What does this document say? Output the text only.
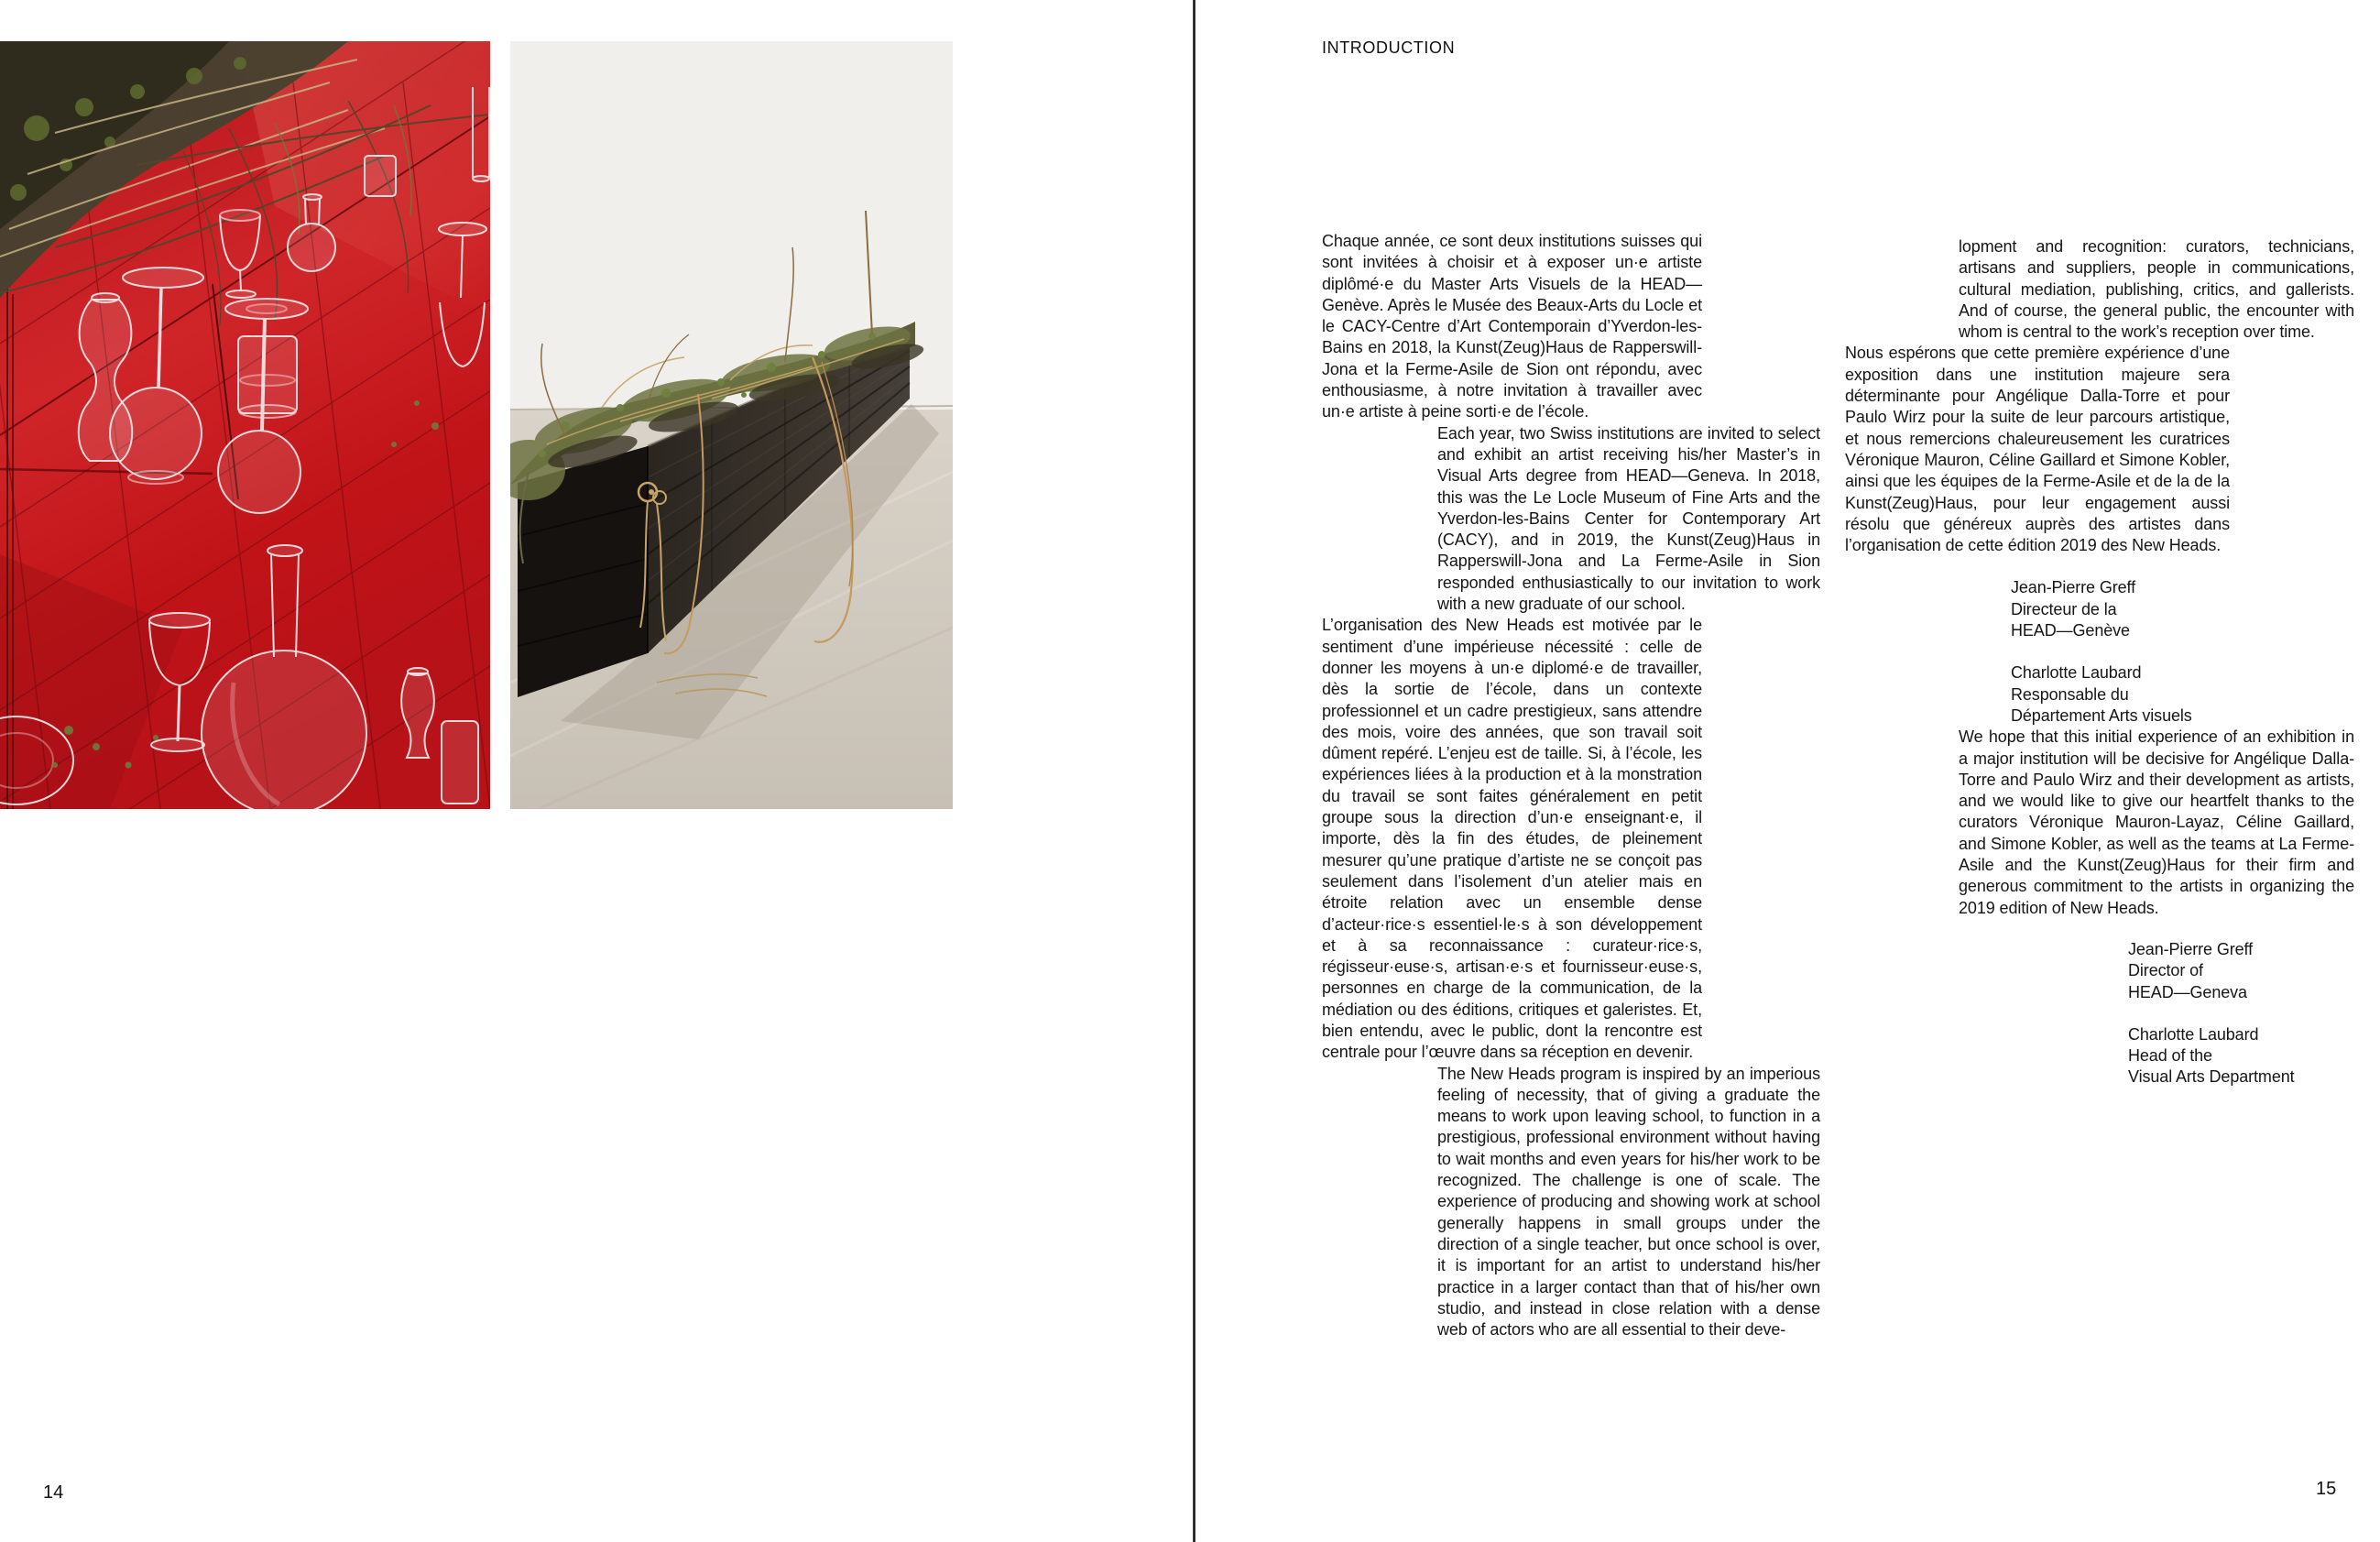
14
INTRODUCTION

Chaque année, ce sont deux institutions suisses qui sont invitées à choisir et à exposer un·e artiste diplômé·e du Master Arts Visuels de la HEAD—Genève. Après le Musée des Beaux-Arts du Locle et le CACY-Centre d’Art Contemporain d’Yverdon-les-Bains en 2018, la Kunst(Zeug)Haus de Rapperswill-Jona et la Ferme-Asile de Sion ont répondu, avec enthousiasme, à notre invitation à travailler avec un·e artiste à peine sorti·e de l’école.

Each year, two Swiss institutions are invited to select and exhibit an artist receiving his/her Master’s in Visual Arts degree from HEAD—Geneva. In 2018, this was the Le Locle Museum of Fine Arts and the Yverdon-les-Bains Center for Contemporary Art (CACY), and in 2019, the Kunst(Zeug)Haus in Rapperswill-Jona and La Ferme-Asile in Sion responded enthusiastically to our invitation to work with a new graduate of our school.

L’organisation des New Heads est motivée par le sentiment d’une impérieuse nécessité : celle de donner les moyens à un·e diplomé·e de travailler, dès la sortie de l’école, dans un contexte professionnel et un cadre prestigieux, sans attendre des mois, voire des années, que son travail soit dûment repéré. L’enjeu est de taille. Si, à l’école, les expériences liées à la production et à la monstration du travail se sont faites généralement en petit groupe sous la direction d’un·e enseignant·e, il importe, dès la fin des études, de pleinement mesurer qu’une pratique d’artiste ne se conçoit pas seulement dans l’isolement d’un atelier mais en étroite relation avec un ensemble dense d’acteur·rice·s essentiel·le·s à son développement et à sa reconnaissance : curateur·rice·s, régisseur·euse·s, artisan·e·s et fournisseur·euse·s, personnes en charge de la communication, de la médiation ou des éditions, critiques et galeristes. Et, bien entendu, avec le public, dont la rencontre est centrale pour l’œuvre dans sa réception en devenir.

The New Heads program is inspired by an imperious feeling of necessity, that of giving a graduate the means to work upon leaving school, to function in a prestigious, professional environment without having to wait months and even years for his/her work to be recognized. The challenge is one of scale. The experience of producing and showing work at school generally happens in small groups under the direction of a single teacher, but once school is over, it is important for an artist to understand his/her practice in a larger contact than that of his/her own studio, and instead in close relation with a dense web of actors who are all essential to their deve-

lopment and recognition: curators, technicians, artisans and suppliers, people in communications, cultural mediation, publishing, critics, and gallerists. And of course, the general public, the encounter with whom is central to the work’s reception over time.

Nous espérons que cette première expérience d’une exposition dans une institution majeure sera déterminante pour Angélique Dalla-Torre et pour Paulo Wirz pour la suite de leur parcours artistique, et nous remercions chaleureusement les curatrices Véronique Mauron, Céline Gaillard et Simone Kobler, ainsi que les équipes de la Ferme-Asile et de la de la Kunst(Zeug)Haus, pour leur engagement aussi résolu que généreux auprès des artistes dans l’organisation de cette édition 2019 des New Heads.

Jean-Pierre Greff
Directeur de la
HEAD—Genève
Charlotte Laubard
Responsable du
Département Arts visuels

We hope that this initial experience of an exhibition in a major institution will be decisive for Angélique Dalla-Torre and Paulo Wirz and their development as artists, and we would like to give our heartfelt thanks to the curators Véronique Mauron-Layaz, Céline Gaillard, and Simone Kobler, as well as the teams at La Ferme-Asile and the Kunst(Zeug)Haus for their firm and generous commitment to the artists in organizing the 2019 edition of New Heads.

Jean-Pierre Greff
Director of
HEAD—Geneva
Charlotte Laubard
Head of the
Visual Arts Department
15
